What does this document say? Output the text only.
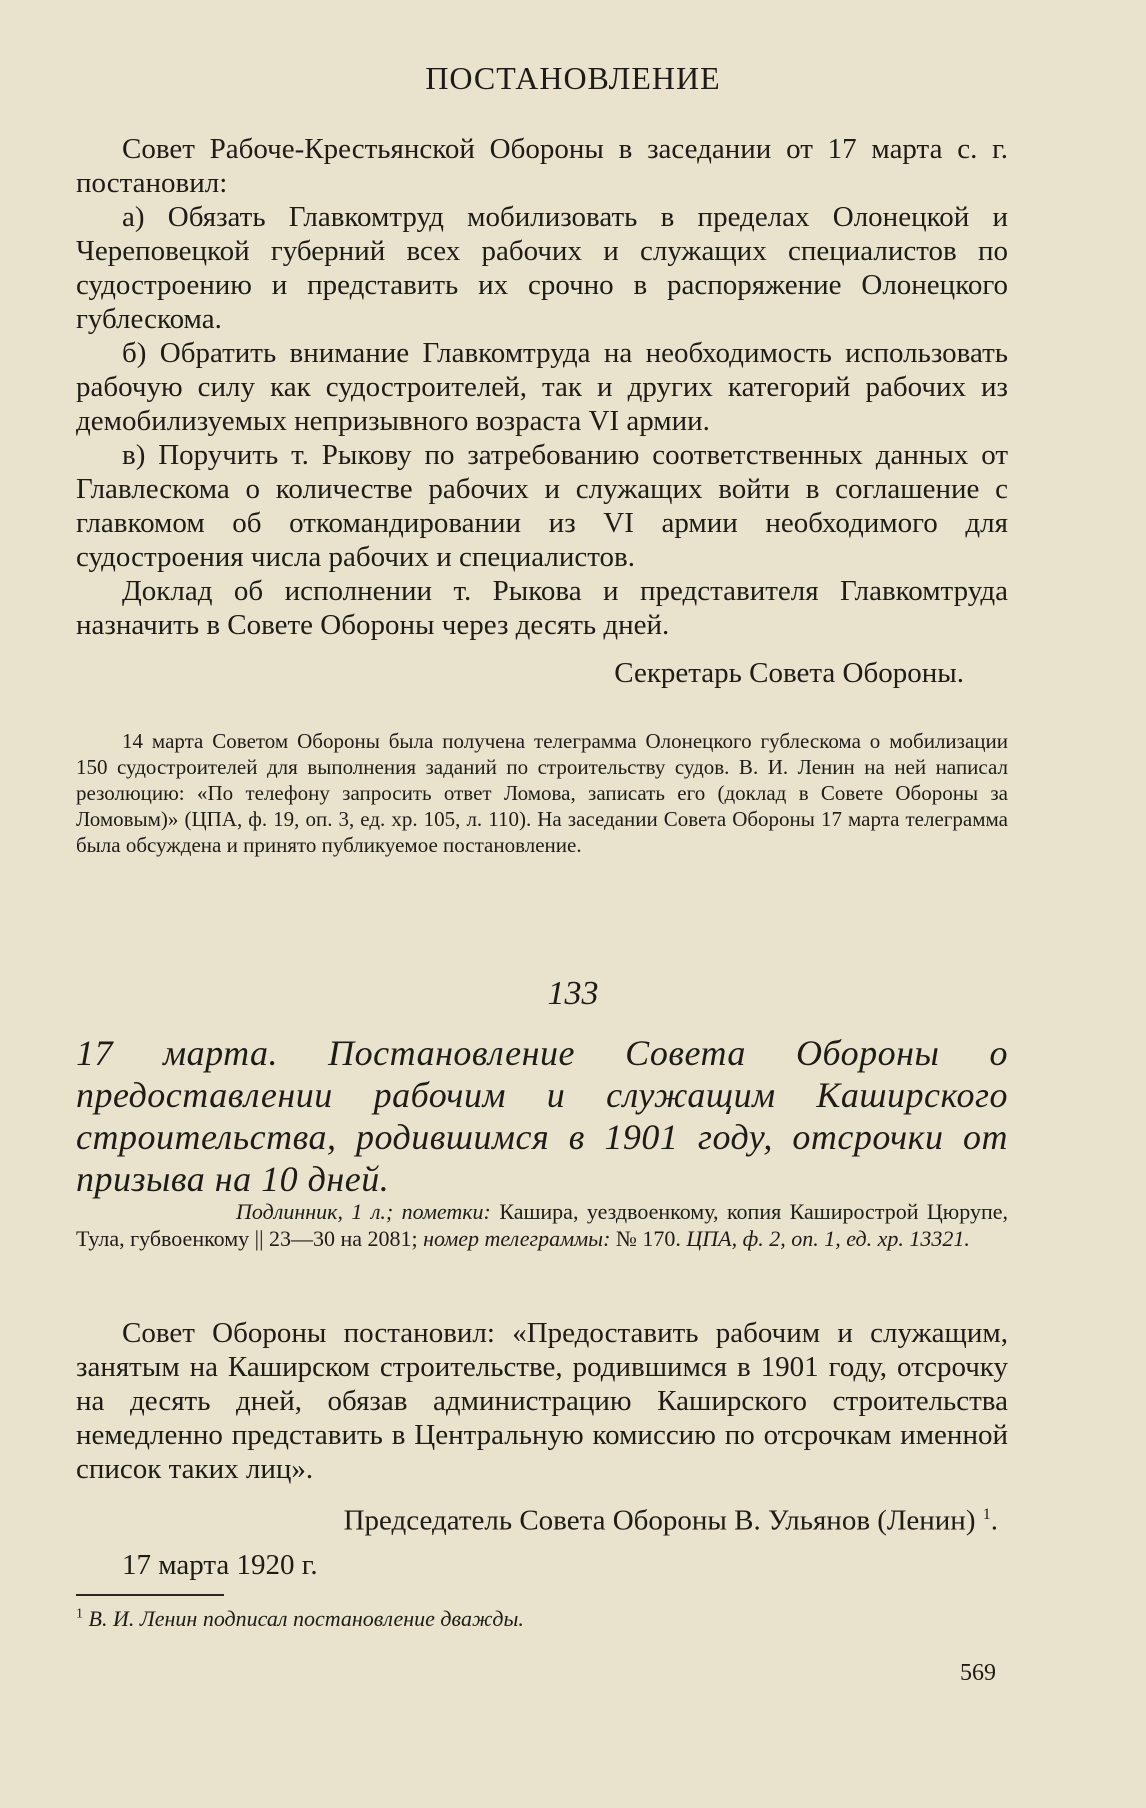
ПОСТАНОВЛЕНИЕ

Совет Рабоче-Крестьянской Обороны в заседании от 17 марта с. г. постановил:

а) Обязать Главкомтруд мобилизовать в пределах Олонецкой и Череповецкой губерний всех рабочих и служащих специалистов по судостроению и представить их срочно в распоряжение Олонецкого гублескома.

б) Обратить внимание Главкомтруда на необходимость использовать рабочую силу как судостроителей, так и других категорий рабочих из демобилизуемых непризывного возраста VI армии.

в) Поручить т. Рыкову по затребованию соответственных данных от Главлескома о количестве рабочих и служащих войти в соглашение с главкомом об откомандировании из VI армии необходимого для судостроения числа рабочих и специалистов.

Доклад об исполнении т. Рыкова и представителя Главкомтруда назначить в Совете Обороны через десять дней.

Секретарь Совета Обороны.

14 марта Советом Обороны была получена телеграмма Олонецкого гублескома о мобилизации 150 судостроителей для выполнения заданий по строительству судов. В. И. Ленин на ней написал резолюцию: «По телефону запросить ответ Ломова, записать его (доклад в Совете Обороны за Ломовым)» (ЦПА, ф. 19, оп. 3, ед. хр. 105, л. 110). На заседании Совета Обороны 17 марта телеграмма была обсуждена и принято публикуемое постановление.

133

17 марта. Постановление Совета Обороны о предоставлении рабочим и служащим Каширского строительства, родившимся в 1901 году, отсрочки от призыва на 10 дней.

Подлинник, 1 л.; пометки: Кашира, уездвоенкому, копия Каширострой Цюрупе, Тула, губвоенкому || 23—30 на 2081; номер телеграммы: № 170. ЦПА, ф. 2, оп. 1, ед. хр. 13321.

Совет Обороны постановил: «Предоставить рабочим и служащим, занятым на Каширском строительстве, родившимся в 1901 году, отсрочку на десять дней, обязав администрацию Каширского строительства немедленно представить в Центральную комиссию по отсрочкам именной список таких лиц».

Председатель Совета Обороны В. Ульянов (Ленин) $^1$.

17 марта 1920 г.

$^1$ В. И. Ленин подписал постановление дважды.

569
